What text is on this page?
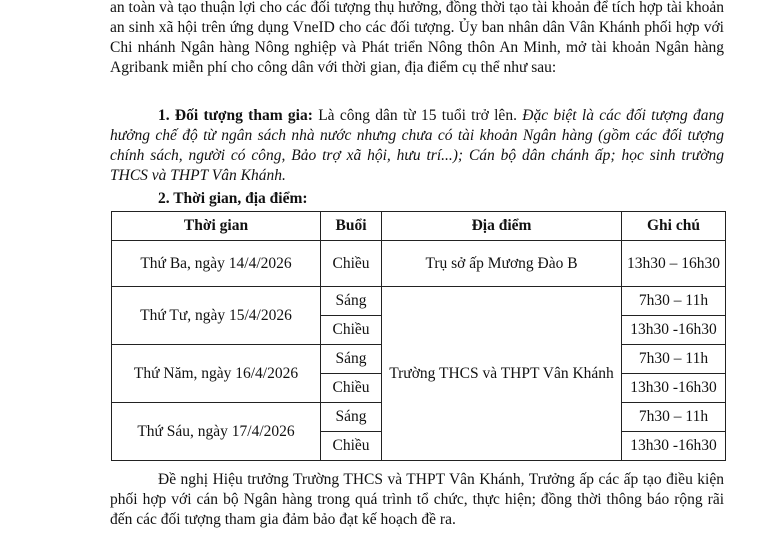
an toàn và tạo thuận lợi cho các đối tượng thụ hưởng, đồng thời tạo tài khoản để tích hợp tài khoản an sinh xã hội trên ứng dụng VneID cho các đối tượng. Ủy ban nhân dân Vân Khánh phối hợp với Chi nhánh Ngân hàng Nông nghiệp và Phát triển Nông thôn An Minh, mở tài khoản Ngân hàng Agribank miễn phí cho công dân với thời gian, địa điểm cụ thể như sau:

1. Đối tượng tham gia: Là công dân từ 15 tuổi trở lên. Đặc biệt là các đối tượng đang hưởng chế độ từ ngân sách nhà nước nhưng chưa có tài khoản Ngân hàng (gồm các đối tượng chính sách, người có công, Bảo trợ xã hội, hưu trí...); Cán bộ dân chánh ấp; học sinh trường THCS và THPT Vân Khánh.

2. Thời gian, địa điểm:

Thời gian	Buổi	Địa điểm	Ghi chú
Thứ Ba, ngày 14/4/2026	Chiều	Trụ sở ấp Mương Đào B	13h30 – 16h30
Thứ Tư, ngày 15/4/2026	Sáng	Trường THCS và THPT Vân Khánh	7h30 – 11h
	Chiều		13h30 -16h30
Thứ Năm, ngày 16/4/2026	Sáng		7h30 – 11h
	Chiều		13h30 -16h30
Thứ Sáu, ngày 17/4/2026	Sáng		7h30 – 11h
	Chiều		13h30 -16h30

Đề nghị Hiệu trưởng Trường THCS và THPT Vân Khánh, Trưởng ấp các ấp tạo điều kiện phối hợp với cán bộ Ngân hàng trong quá trình tổ chức, thực hiện; đồng thời thông báo rộng rãi đến các đối tượng tham gia đảm bảo đạt kế hoạch đề ra.
